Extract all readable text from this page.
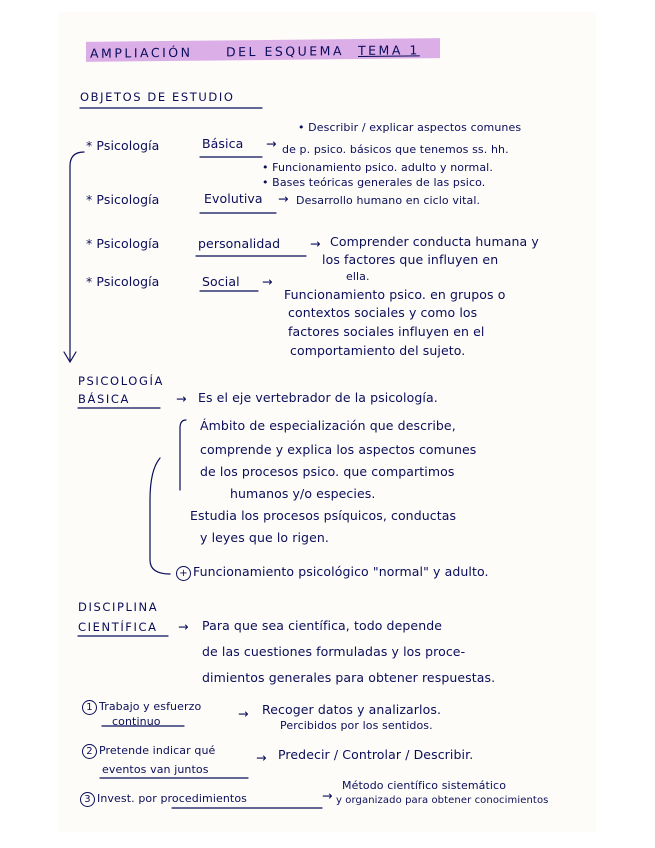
AMPLIACIÓN	DEL ESQUEMA TEMA 1
OBJETOS DE ESTUDIO
* Psicología	Básica →
• Describir / explicar aspectos comunes
de p. psico. básicos que tenemos ss. hh.
• Funcionamiento psico. adulto y normal.
• Bases teóricas generales de las psico.
* Psicología	Evolutiva → Desarrollo humano en ciclo vital.
* Psicología	personalidad → Comprender conducta humana y
los factores que influyen en
ella.
* Psicología	Social →
Funcionamiento psico. en grupos o
contextos sociales y como los
factores sociales influyen en el
comportamiento del sujeto.
PSICOLOGÍA
BÁSICA	→ Es el eje vertebrador de la psicología.
Ámbito de especialización que describe,
comprende y explica los aspectos comunes
de los procesos psico. que compartimos
humanos y/o especies.
Estudia los procesos psíquicos, conductas
y leyes que lo rigen.
+ Funcionamiento psicológico "normal" y adulto.
DISCIPLINA
CIENTÍFICA → Para que sea científica, todo depende
de las cuestiones formuladas y los proce-
dimientos generales para obtener respuestas.
1 Trabajo y esfuerzo
continuo
→ Recoger datos y analizarlos.
Percibidos por los sentidos.
2 Pretende indicar qué
eventos van juntos
→ Predecir / Controlar / Describir.
3 Invest. por procedimientos	→
Método científico sistemático
y organizado para obtener conocimientos
